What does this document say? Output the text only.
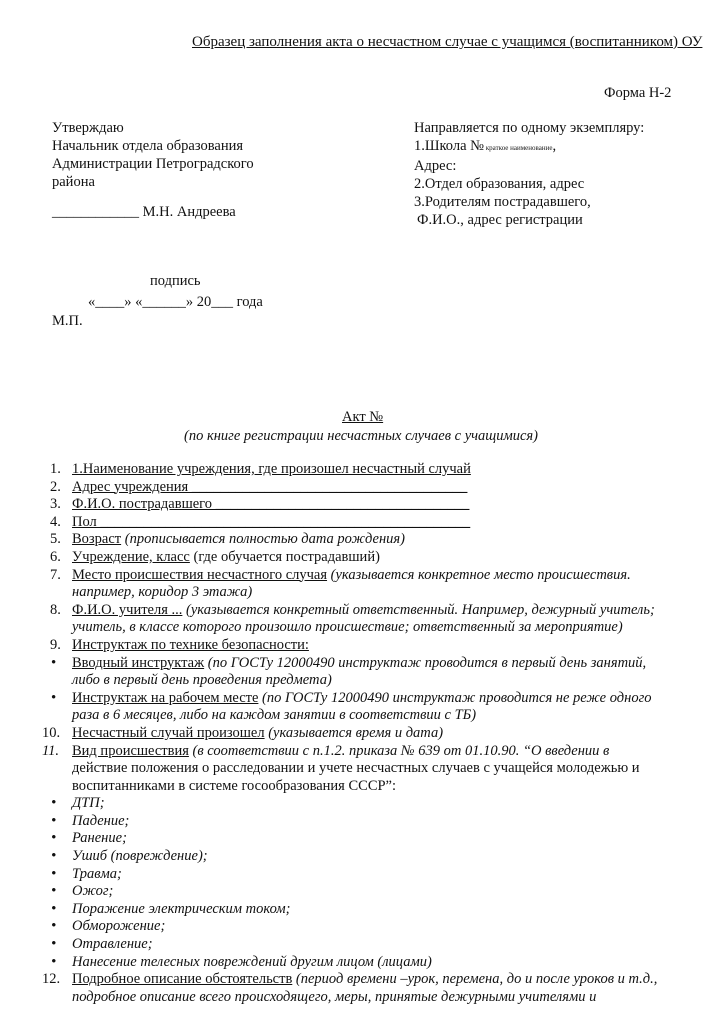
Образец заполнения акта о несчастном случае с учащимся (воспитанником) ОУ
Форма Н-2
Утверждаю
Начальник отдела образования
Администрации Петроградского
района
____________ М.Н. Андреева
подпись
«____» «______» 20___ года
М.П.
Направляется по одному экземпляру:
1.Школа № краткое наименование,
Адрес:
2.Отдел образования, адрес
3.Родителям пострадавшего,
Ф.И.О., адрес регистрации
Акт №
(по книге регистрации несчастных случаев с учащимися)
1. 1.Наименование учреждения, где произошел несчастный случай
2. Адрес учреждения ______________________________________
3. Ф.И.О. пострадавшего ___________________________________
4. Пол ___________________________________________________
5. Возраст (прописывается полностью дата рождения)
6. Учреждение, класс (где обучается пострадавший)
7. Место происшествия несчастного случая (указывается конкретное место происшествия.
например, коридор 3 этажа)
8. Ф.И.О. учителя ... (указывается конкретный ответственный. Например, дежурный учитель;
учитель, в классе которого произошло происшествие; ответственный за мероприятие)
9. Инструктаж по технике безопасности:
• Вводный инструктаж (по ГОСТу 12000490 инструктаж проводится в первый день занятий,
либо в первый день проведения предмета)
• Инструктаж на рабочем месте (по ГОСТу 12000490 инструктаж проводится не реже одного
раза в 6 месяцев, либо на каждом занятии в соответствии с ТБ)
10. Несчастный случай произошел (указывается время и дата)
11. Вид происшествия (в соответствии с п.1.2. приказа № 639 от 01.10.90. “О введении в
действие положения о расследовании и учете несчастных случаев с учащейся молодежью и
воспитанниками в системе госообразования СССР”:
• ДТП;
• Падение;
• Ранение;
• Ушиб (повреждение);
• Травма;
• Ожог;
• Поражение электрическим током;
• Обморожение;
• Отравление;
• Нанесение телесных повреждений другим лицом (лицами)
12. Подробное описание обстоятельств (период времени –урок, перемена, до и после уроков и т.д.,
подробное описание всего происходящего, меры, принятые дежурными учителями и
